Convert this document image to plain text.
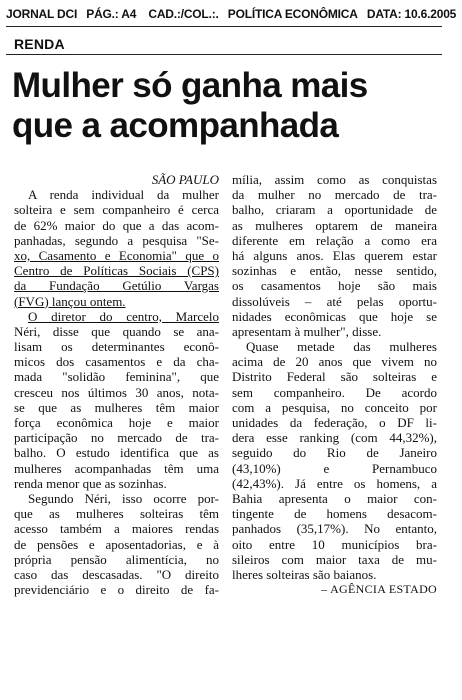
JORNAL DCI PÁG.: A4 CAD.:/COL.:. POLÍTICA ECONÔMICA DATA: 10.6.2005
RENDA
Mulher só ganha mais
que a acompanhada
SÃO PAULO
A renda individual da mulher
solteira e sem companheiro é cerca
de 62% maior do que a das acom-
panhadas, segundo a pesquisa "Se-
xo, Casamento e Economia" que o
Centro de Políticas Sociais (CPS)
da Fundação Getúlio Vargas
(FVG) lançou ontem.
O diretor do centro, Marcelo
Néri, disse que quando se ana-
lisam os determinantes econô-
micos dos casamentos e da cha-
mada "solidão feminina", que
cresceu nos últimos 30 anos, nota-
se que as mulheres têm maior
força econômica hoje e maior
participação no mercado de tra-
balho. O estudo identifica que as
mulheres acompanhadas têm uma
renda menor que as sozinhas.
Segundo Néri, isso ocorre por-
que as mulheres solteiras têm
acesso também a maiores rendas
de pensões e aposentadorias, e à
própria pensão alimentícia, no
caso das descasadas. "O direito
previdenciário e o direito de fa-
mília, assim como as conquistas
da mulher no mercado de tra-
balho, criaram a oportunidade de
as mulheres optarem de maneira
diferente em relação a como era
há alguns anos. Elas querem estar
sozinhas e então, nesse sentido,
os casamentos hoje são mais
dissolúveis – até pelas oportu-
nidades econômicas que hoje se
apresentam à mulher", disse.
Quase metade das mulheres
acima de 20 anos que vivem no
Distrito Federal são solteiras e
sem companheiro. De acordo
com a pesquisa, no conceito por
unidades da federação, o DF li-
dera esse ranking (com 44,32%),
seguido do Rio de Janeiro
(43,10%) e Pernambuco
(42,43%). Já entre os homens, a
Bahia apresenta o maior con-
tingente de homens desacom-
panhados (35,17%). No entanto,
oito entre 10 municípios bra-
sileiros com maior taxa de mu-
lheres solteiras são baianos.
– AGÊNCIA ESTADO
